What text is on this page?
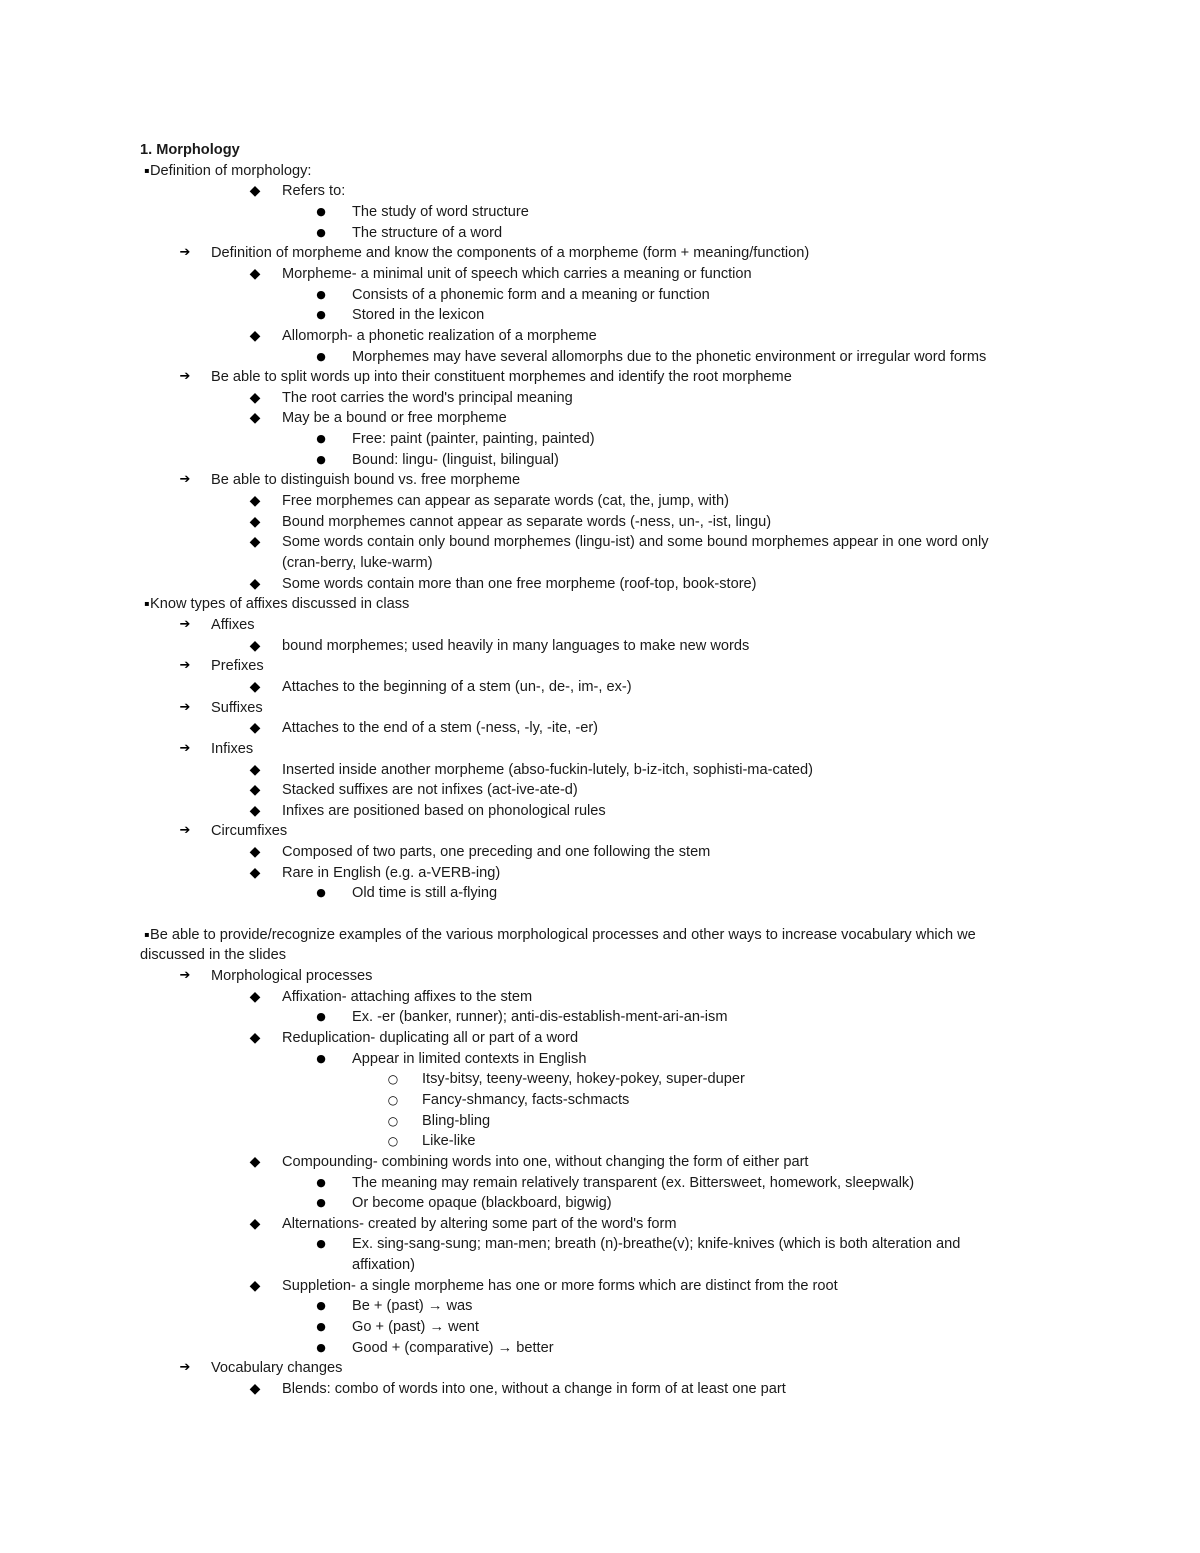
1. Morphology
▪ Definition of morphology:
◆ Refers to:
● The study of word structure
● The structure of a word
➔ Definition of morpheme and know the components of a morpheme (form + meaning/function)
◆ Morpheme- a minimal unit of speech which carries a meaning or function
● Consists of a phonemic form and a meaning or function
● Stored in the lexicon
◆ Allomorph- a phonetic realization of a morpheme
● Morphemes may have several allomorphs due to the phonetic environment or irregular word forms
➔ Be able to split words up into their constituent morphemes and identify the root morpheme
◆ The root carries the word's principal meaning
◆ May be a bound or free morpheme
● Free: paint (painter, painting, painted)
● Bound: lingu- (linguist, bilingual)
➔ Be able to distinguish bound vs. free morpheme
◆ Free morphemes can appear as separate words (cat, the, jump, with)
◆ Bound morphemes cannot appear as separate words (-ness, un-, -ist, lingu)
◆ Some words contain only bound morphemes (lingu-ist) and some bound morphemes appear in one word only
(cran-berry, luke-warm)
◆ Some words contain more than one free morpheme (roof-top, book-store)
▪ Know types of affixes discussed in class
➔ Affixes
◆ bound morphemes; used heavily in many languages to make new words
➔ Prefixes
◆ Attaches to the beginning of a stem (un-, de-, im-, ex-)
➔ Suffixes
◆ Attaches to the end of a stem (-ness, -ly, -ite, -er)
➔ Infixes
◆ Inserted inside another morpheme (abso-fuckin-lutely, b-iz-itch, sophisti-ma-cated)
◆ Stacked suffixes are not infixes (act-ive-ate-d)
◆ Infixes are positioned based on phonological rules
➔ Circumfixes
◆ Composed of two parts, one preceding and one following the stem
◆ Rare in English (e.g. a-VERB-ing)
● Old time is still a-flying
▪ Be able to provide/recognize examples of the various morphological processes and other ways to increase vocabulary which we
discussed in the slides
➔ Morphological processes
◆ Affixation- attaching affixes to the stem
● Ex. -er (banker, runner); anti-dis-establish-ment-ari-an-ism
◆ Reduplication- duplicating all or part of a word
● Appear in limited contexts in English
○ Itsy-bitsy, teeny-weeny, hokey-pokey, super-duper
○ Fancy-shmancy, facts-schmacts
○ Bling-bling
○ Like-like
◆ Compounding- combining words into one, without changing the form of either part
● The meaning may remain relatively transparent (ex. Bittersweet, homework, sleepwalk)
● Or become opaque (blackboard, bigwig)
◆ Alternations- created by altering some part of the word's form
● Ex. sing-sang-sung; man-men; breath (n)-breathe(v); knife-knives (which is both alteration and
affixation)
◆ Suppletion- a single morpheme has one or more forms which are distinct from the root
● Be + (past) → was
● Go + (past) → went
● Good + (comparative) → better
➔ Vocabulary changes
◆ Blends: combo of words into one, without a change in form of at least one part
